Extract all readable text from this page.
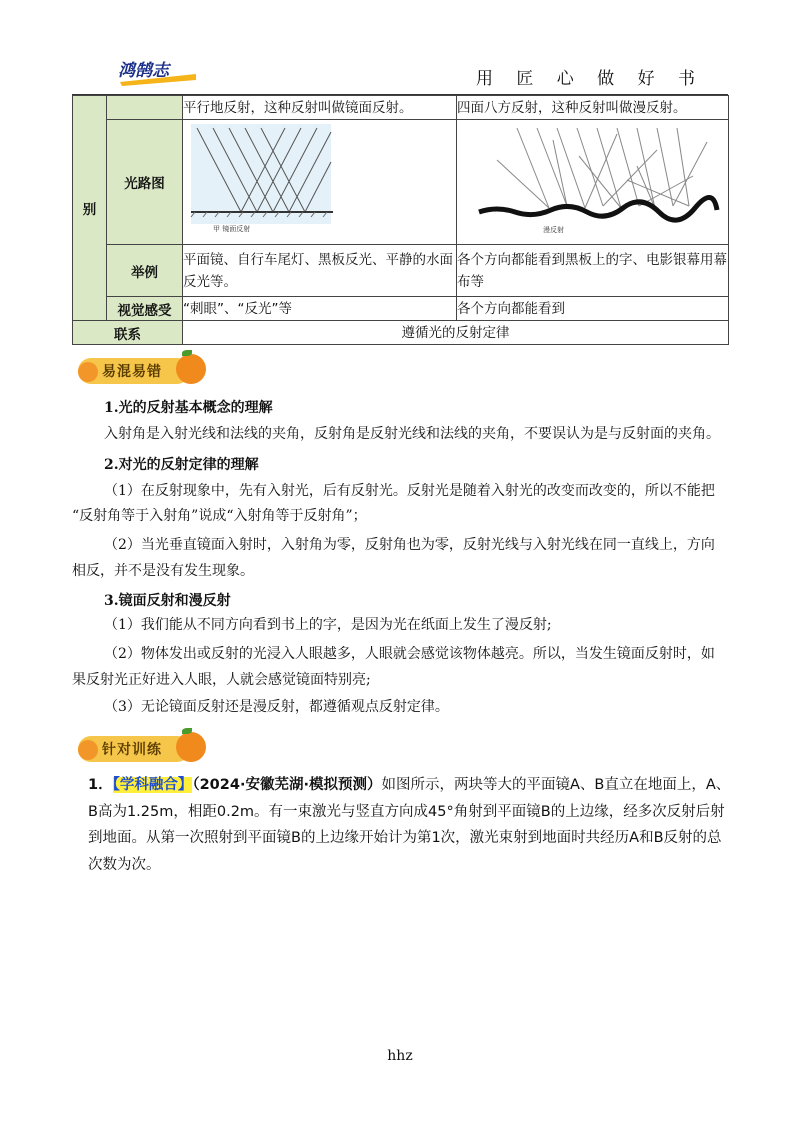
鸿鹄志	用 匠 心 做 好 书
别		平行地反射，这种反射叫做镜面反射。	四面八方反射，这种反射叫做漫反射。
	光路图	甲 镜面反射	漫反射

	举例	平面镜、自行车尾灯、黑板反光、平静的水面反光等。	各个方向都能看到黑板上的字、电影银幕用幕布等
	视觉感受	“刺眼”、“反光”等	各个方向都能看到
联系		遵循光的反射定律	
易混易错
1.光的反射基本概念的理解
入射角是入射光线和法线的夹角，反射角是反射光线和法线的夹角，不要误认为是与反射面的夹角。
2.对光的反射定律的理解
（1）在反射现象中，先有入射光，后有反射光。反射光是随着入射光的改变而改变的，所以不能把
“反射角等于入射角”说成“入射角等于反射角”；
（2）当光垂直镜面入射时，入射角为零，反射角也为零，反射光线与入射光线在同一直线上，方向
相反，并不是没有发生现象。
3.镜面反射和漫反射
（1）我们能从不同方向看到书上的字，是因为光在纸面上发生了漫反射;
（2）物体发出或反射的光浸入人眼越多，人眼就会感觉该物体越亮。所以，当发生镜面反射时，如
果反射光正好进入人眼，人就会感觉镜面特别亮;
（3）无论镜面反射还是漫反射，都遵循观点反射定律。
针对训练
1．【学科融合】（2024·安徽芜湖·模拟预测）如图所示，两块等大的平面镜A、B直立在地面上，A、B高为1.25m，相距0.2m。有一束激光与竖直方向成45°角射到平面镜B的上边缘，经多次反射后射到地面。从第一次照射到平面镜B的上边缘开始计为第1次，激光束射到地面时共经历A和B反射的总次数为次。
hhz
